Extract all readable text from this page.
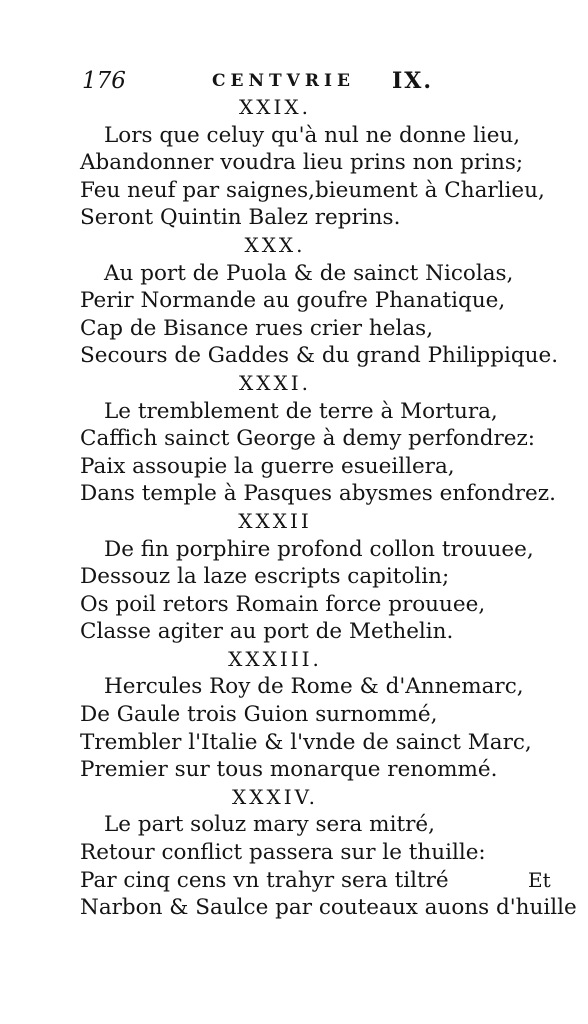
176	CENTVRIE IX.
XXIX.
Lors que celuy qu'à nul ne donne lieu,
Abandonner voudra lieu prins non prins;
Feu neuf par saignes,bieument à Charlieu,
Seront Quintin Balez reprins.
XXX.
Au port de Puola & de sainct Nicolas,
Perir Normande au goufre Phanatique,
Cap de Bisance rues crier helas,
Secours de Gaddes & du grand Philippique.
XXXI.
Le tremblement de terre à Mortura,
Caffich sainct George à demy perfondrez:
Paix assoupie la guerre esueillera,
Dans temple à Pasques abysmes enfondrez.
XXXII
De fin porphire profond collon trouuee,
Dessouz la laze escripts capitolin;
Os poil retors Romain force prouuee,
Classe agiter au port de Methelin.
XXXIII.
Hercules Roy de Rome & d'Annemarc,
De Gaule trois Guion surnommé,
Trembler l'Italie & l'vnde de sainct Marc,
Premier sur tous monarque renommé.
XXXIV.
Le part soluz mary sera mitré,
Retour conflict passera sur le thuille:
Par cinq cens vn trahyr sera tiltré
Narbon & Saulce par couteaux auons d'huille
Et
